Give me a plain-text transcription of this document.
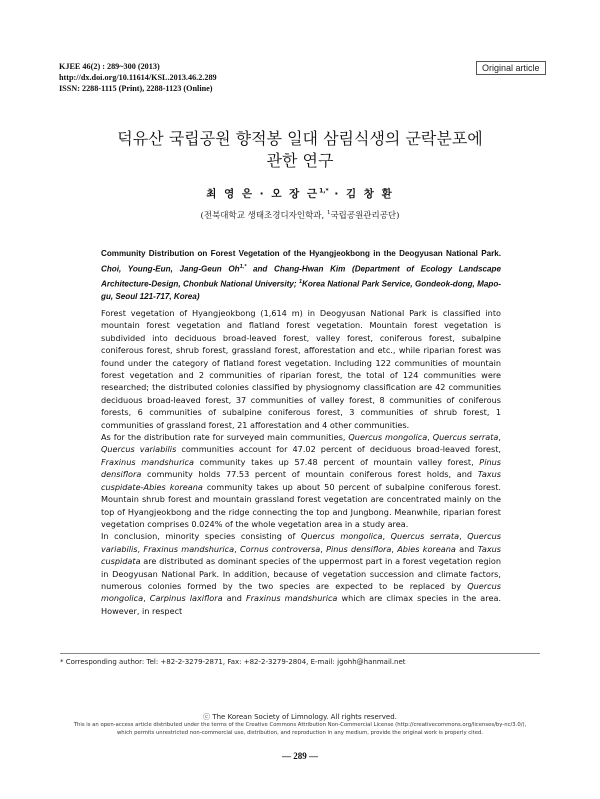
KJEE 46(2) : 289~300 (2013)
http://dx.doi.org/10.11614/KSL.2013.46.2.289
ISSN: 2288-1115 (Print), 2288-1123 (Online)
Original article
덕유산 국립공원 향적봉 일대 삼림식생의 군락분포에
관한 연구
최 영 은 · 오 장 근$^{1,*}$ · 김 창 환
(전북대학교 생태조경디자인학과, $^1$국립공원관리공단)
Community Distribution on Forest Vegetation of the Hyangjeokbong in the Deogyusan National Park. Choi, Young-Eun, Jang-Geun $Oh^{1,*}$ and Chang-Hwan Kim (Department of Ecology Landscape Architecture-Design, Chonbuk National University; $^1$Korea National Park Service, Gondeok-dong, Mapo-gu, Seoul 121-717, Korea)

Forest vegetation of Hyangjeokbong (1,614 m) in Deogyusan National Park is classified into mountain forest vegetation and flatland forest vegetation. Mountain forest vegetation is subdivided into deciduous broad-leaved forest, valley forest, coniferous forest, subalpine coniferous forest, shrub forest, grassland forest, afforestation and etc., while riparian forest was found under the category of flatland forest vegetation. Including 122 communities of mountain forest vegetation and 2 communities of riparian forest, the total of 124 communities were researched; the distributed colonies classified by physiognomy classification are 42 communities deciduous broad-leaved forest, 37 communities of valley forest, 8 communities of coniferous forests, 6 communities of subalpine coniferous forest, 3 communities of shrub forest, 1 communities of grassland forest, 21 afforestation and 4 other communities.

As for the distribution rate for surveyed main communities, Quercus mongolica, Quercus serrata, Quercus variabilis communities account for 47.02 percent of deciduous broad-leaved forest, Fraxinus mandshurica community takes up 57.48 percent of mountain valley forest, Pinus densiflora community holds 77.53 percent of mountain coniferous forest holds, and Taxus cuspidate-Abies koreana community takes up about 50 percent of subalpine coniferous forest. Mountain shrub forest and mountain grassland forest vegetation are concentrated mainly on the top of Hyangjeokbong and the ridge connecting the top and Jungbong. Meanwhile, riparian forest vegetation comprises 0.024% of the whole vegetation area in a study area.

In conclusion, minority species consisting of Quercus mongolica, Quercus serrata, Quercus variabilis, Fraxinus mandshurica, Cornus controversa, Pinus densiflora, Abies koreana and Taxus cuspidata are distributed as dominant species of the uppermost part in a forest vegetation region in Deogyusan National Park. In addition, because of vegetation succession and climate factors, numerous colonies formed by the two species are expected to be replaced by Quercus mongolica, Carpinus laxiflora and Fraxinus mandshurica which are climax species in the area. However, in respect

* Corresponding author: Tel: +82-2-3279-2871, Fax: +82-2-3279-2804, E-mail: jgohh@hanmail.net
ⓒ The Korean Society of Limnology. All rights reserved.
This is an open-access article distributed under the terms of the Creative Commons Attribution Non-Commercial License (http://creativecommons.org/licenses/by-nc/3.0/),
which permits unrestricted non-commercial use, distribution, and reproduction in any medium, provide the original work is properly cited.
― 289 ―
